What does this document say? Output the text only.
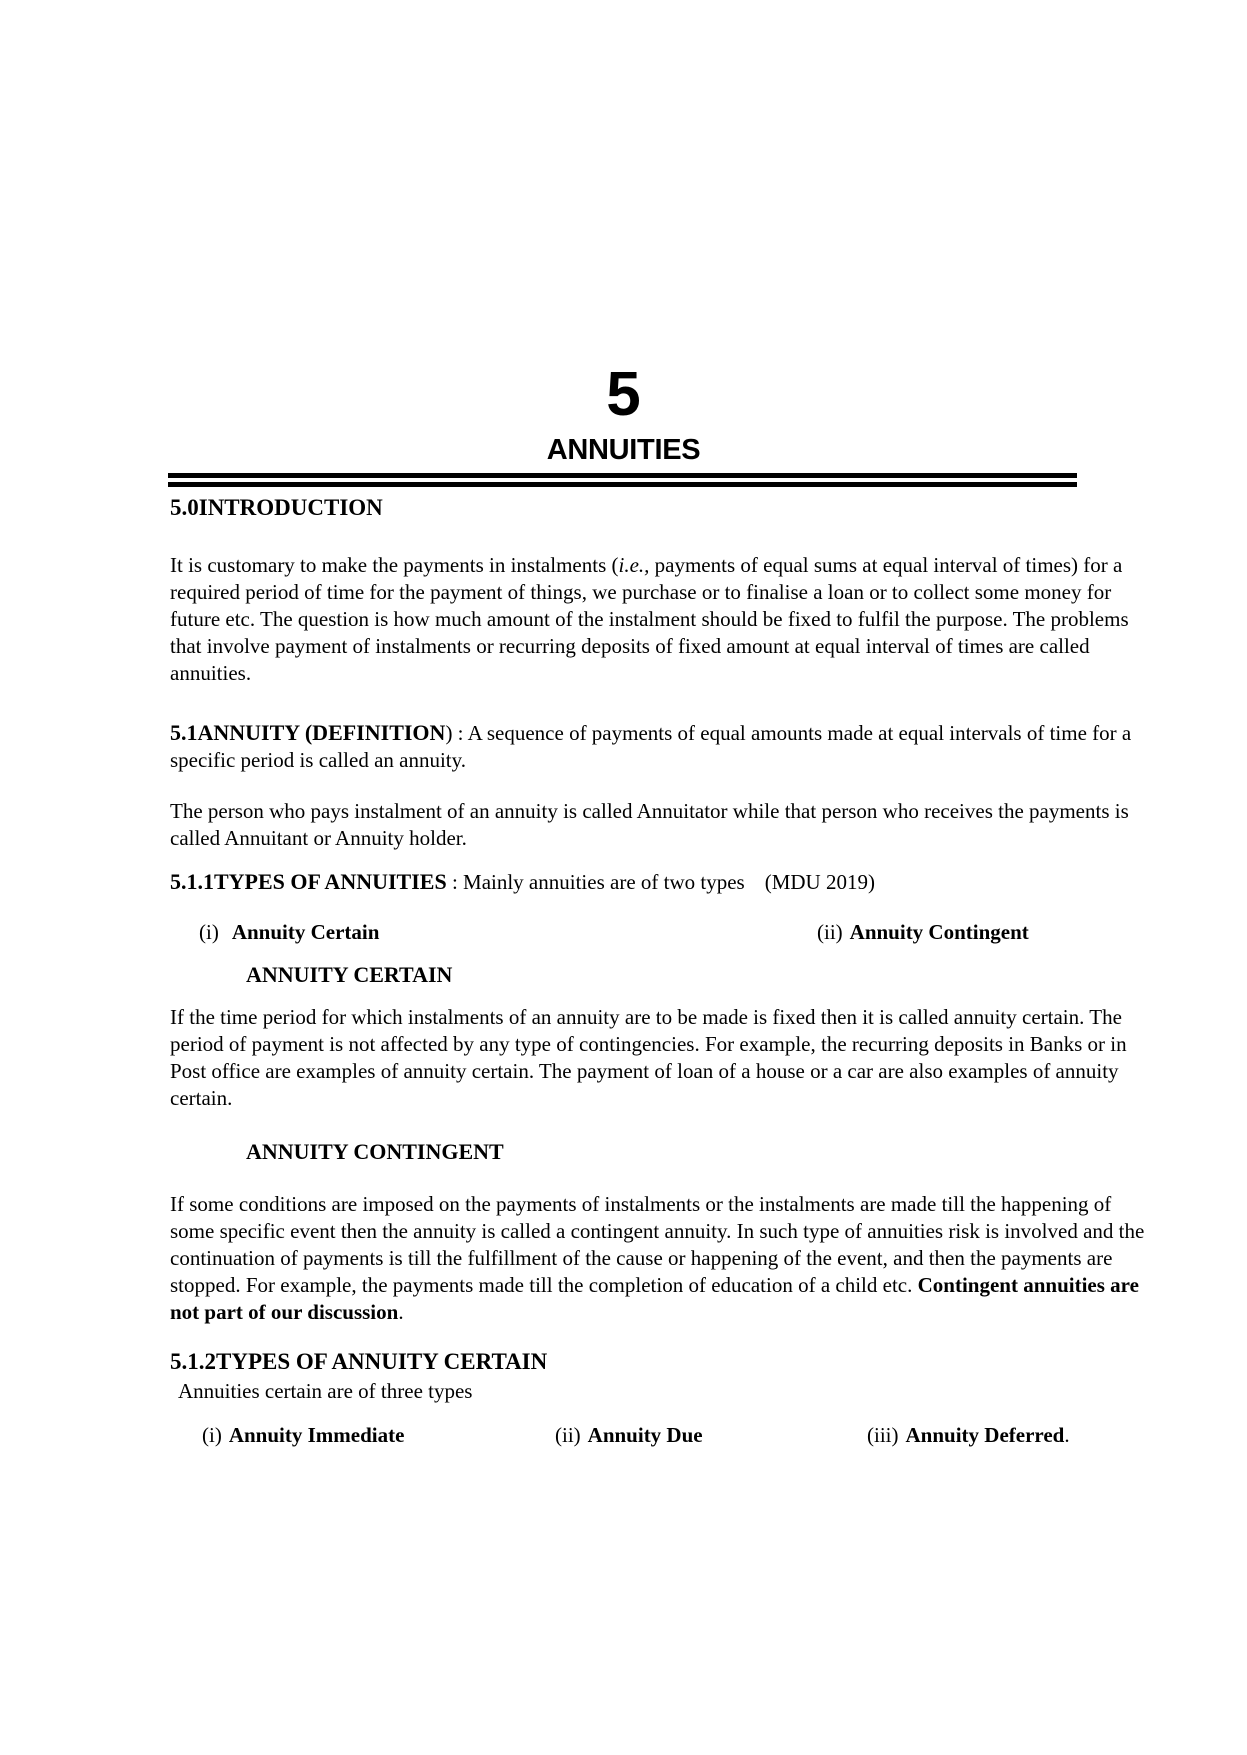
5
ANNUITIES
5.0INTRODUCTION

It is customary to make the payments in instalments (i.e., payments of equal sums at equal interval of times) for a required period of time for the payment of things, we purchase or to finalise a loan or to collect some money for future etc. The question is how much amount of the instalment should be fixed to fulfil the purpose. The problems that involve payment of instalments or recurring deposits of fixed amount at equal interval of times are called annuities.

5.1ANNUITY (DEFINITION) : A sequence of payments of equal amounts made at equal intervals of time for a specific period is called an annuity.

The person who pays instalment of an annuity is called Annuitator while that person who receives the payments is called Annuitant or Annuity holder.

5.1.1TYPES OF ANNUITIES : Mainly annuities are of two types (MDU 2019)

(i) Annuity Certain	(ii) Annuity Contingent
ANNUITY CERTAIN

If the time period for which instalments of an annuity are to be made is fixed then it is called annuity certain. The period of payment is not affected by any type of contingencies. For example, the recurring deposits in Banks or in Post office are examples of annuity certain. The payment of loan of a house or a car are also examples of annuity certain.

ANNUITY CONTINGENT

If some conditions are imposed on the payments of instalments or the instalments are made till the happening of some specific event then the annuity is called a contingent annuity. In such type of annuities risk is involved and the continuation of payments is till the fulfillment of the cause or happening of the event, and then the payments are stopped. For example, the payments made till the completion of education of a child etc. Contingent annuities are not part of our discussion.

5.1.2TYPES OF ANNUITY CERTAIN

Annuities certain are of three types

(i) Annuity Immediate	(ii) Annuity Due	(iii) Annuity Deferred.
